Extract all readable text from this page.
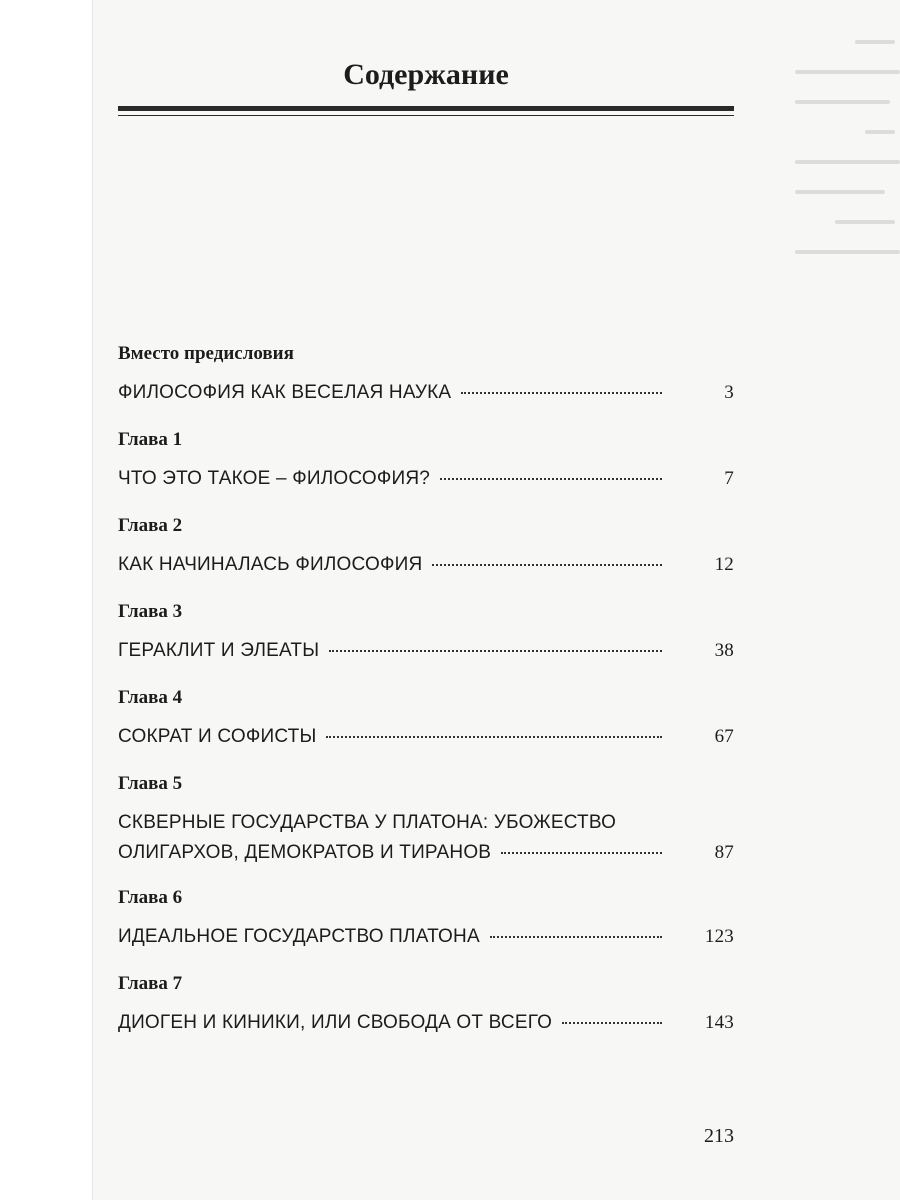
Содержание
Вместо предисловия
ФИЛОСОФИЯ КАК ВЕСЕЛАЯ НАУКА	3
Глава 1
ЧТО ЭТО ТАКОЕ – ФИЛОСОФИЯ?	7
Глава 2
КАК НАЧИНАЛАСЬ ФИЛОСОФИЯ	12
Глава 3
ГЕРАКЛИТ И ЭЛЕАТЫ	38
Глава 4
СОКРАТ И СОФИСТЫ	67
Глава 5
СКВЕРНЫЕ ГОСУДАРСТВА У ПЛАТОНА: УБОЖЕСТВО
ОЛИГАРХОВ, ДЕМОКРАТОВ И ТИРАНОВ	87
Глава 6
ИДЕАЛЬНОЕ ГОСУДАРСТВО ПЛАТОНА	123
Глава 7
ДИОГЕН И КИНИКИ, ИЛИ СВОБОДА ОТ ВСЕГО	143
213
